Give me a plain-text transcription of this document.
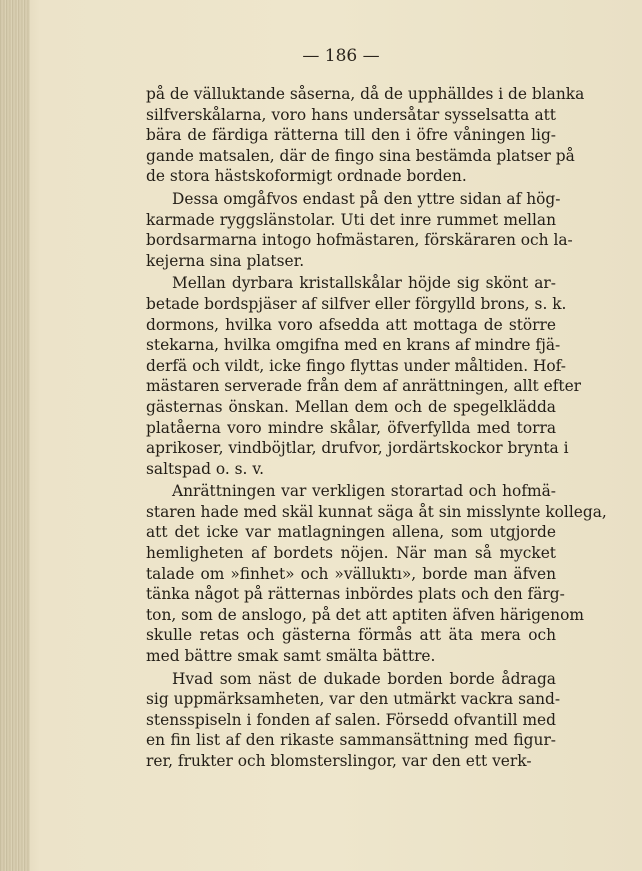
— 186 —
på de välluktande såserna, då de upphälldes i de blanka
silfverskålarna, voro hans undersåtar sysselsatta att
bära de färdiga rätterna till den i öfre våningen lig-
gande matsalen, där de fingo sina bestämda platser på
de stora hästskoformigt ordnade borden.
Dessa omgåfvos endast på den yttre sidan af hög-
karmade ryggslänstolar. Uti det inre rummet mellan
bordsarmarna intogo hofmästaren, förskäraren och la-
kejerna sina platser.
Mellan dyrbara kristallskålar höjde sig skönt ar-
betade bordspjäser af silfver eller förgylld brons, s. k.
dormons, hvilka voro afsedda att mottaga de större
stekarna, hvilka omgifna med en krans af mindre fjä-
derfä och vildt, icke fingo flyttas under måltiden. Hof-
mästaren serverade från dem af anrättningen, allt efter
gästernas önskan. Mellan dem och de spegelklädda
platåerna voro mindre skålar, öfverfyllda med torra
aprikoser, vindböjtlar, drufvor, jordärtskockor brynta i
saltspad o. s. v.
Anrättningen var verkligen storartad och hofmä-
staren hade med skäl kunnat säga åt sin misslynte kollega,
att det icke var matlagningen allena, som utgjorde
hemligheten af bordets nöjen. När man så mycket
talade om »finhet» och »välluktı», borde man äfven
tänka något på rätternas inbördes plats och den färg-
ton, som de anslogo, på det att aptiten äfven härigenom
skulle retas och gästerna förmås att äta mera och
med bättre smak samt smälta bättre.
Hvad som näst de dukade borden borde ådraga
sig uppmärksamheten, var den utmärkt vackra sand-
stensspiseln i fonden af salen. Försedd ofvantill med
en fin list af den rikaste sammansättning med figur-
rer, frukter och blomsterslingor, var den ett verk-
